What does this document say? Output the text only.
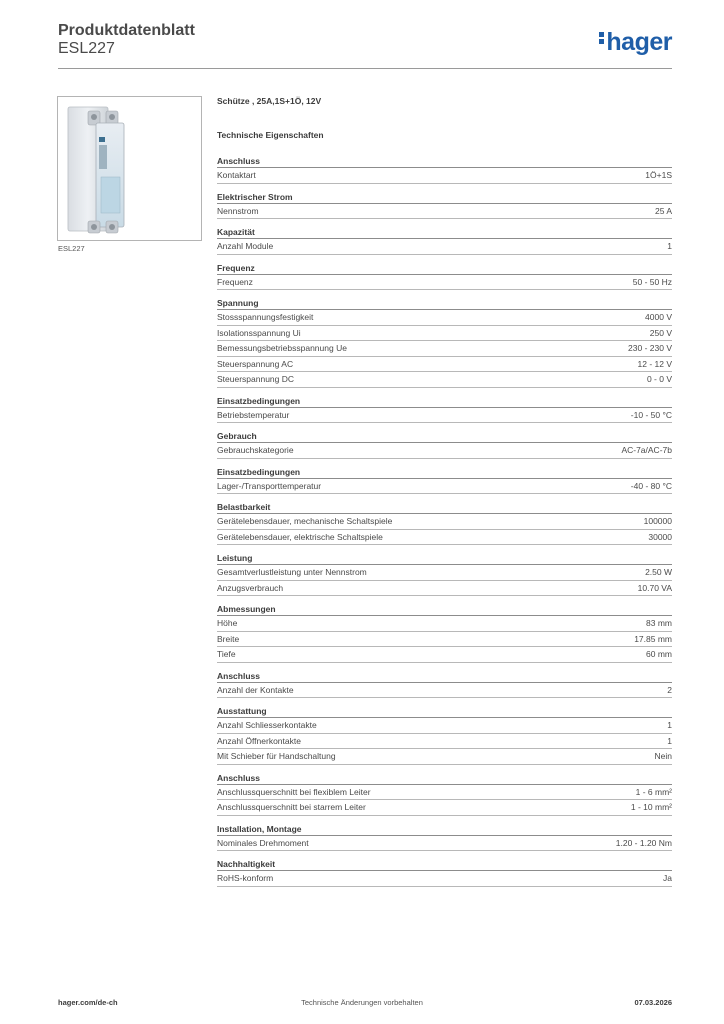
Produktdatenblatt
ESL227	hager
ESL227
Schütze , 25A,1S+1Ö, 12V
Technische Eigenschaften
Anschluss
Kontaktart	1Ö+1S
Elektrischer Strom
Nennstrom	25 A
Kapazität
Anzahl Module	1
Frequenz
Frequenz	50 - 50 Hz
Spannung
Stossspannungsfestigkeit	4000 V
Isolationsspannung Ui	250 V
Bemessungsbetriebsspannung Ue	230 - 230 V
Steuerspannung AC	12 - 12 V
Steuerspannung DC	0 - 0 V
Einsatzbedingungen
Betriebstemperatur	-10 - 50 °C
Gebrauch
Gebrauchskategorie	AC-7a/AC-7b
Einsatzbedingungen
Lager-/Transporttemperatur	-40 - 80 °C
Belastbarkeit
Gerätelebensdauer, mechanische Schaltspiele	100000
Gerätelebensdauer, elektrische Schaltspiele	30000
Leistung
Gesamtverlustleistung unter Nennstrom	2.50 W
Anzugsverbrauch	10.70 VA
Abmessungen
Höhe	83 mm
Breite	17.85 mm
Tiefe	60 mm
Anschluss
Anzahl der Kontakte	2
Ausstattung
Anzahl Schliesserkontakte	1
Anzahl Öffnerkontakte	1
Mit Schieber für Handschaltung	Nein
Anschluss
Anschlussquerschnitt bei flexiblem Leiter	1 - 6 mm²
Anschlussquerschnitt bei starrem Leiter	1 - 10 mm²
Installation, Montage
Nominales Drehmoment	1.20 - 1.20 Nm
Nachhaltigkeit
RoHS-konform	Ja
hager.com/de-ch	Technische Änderungen vorbehalten	07.03.2026
